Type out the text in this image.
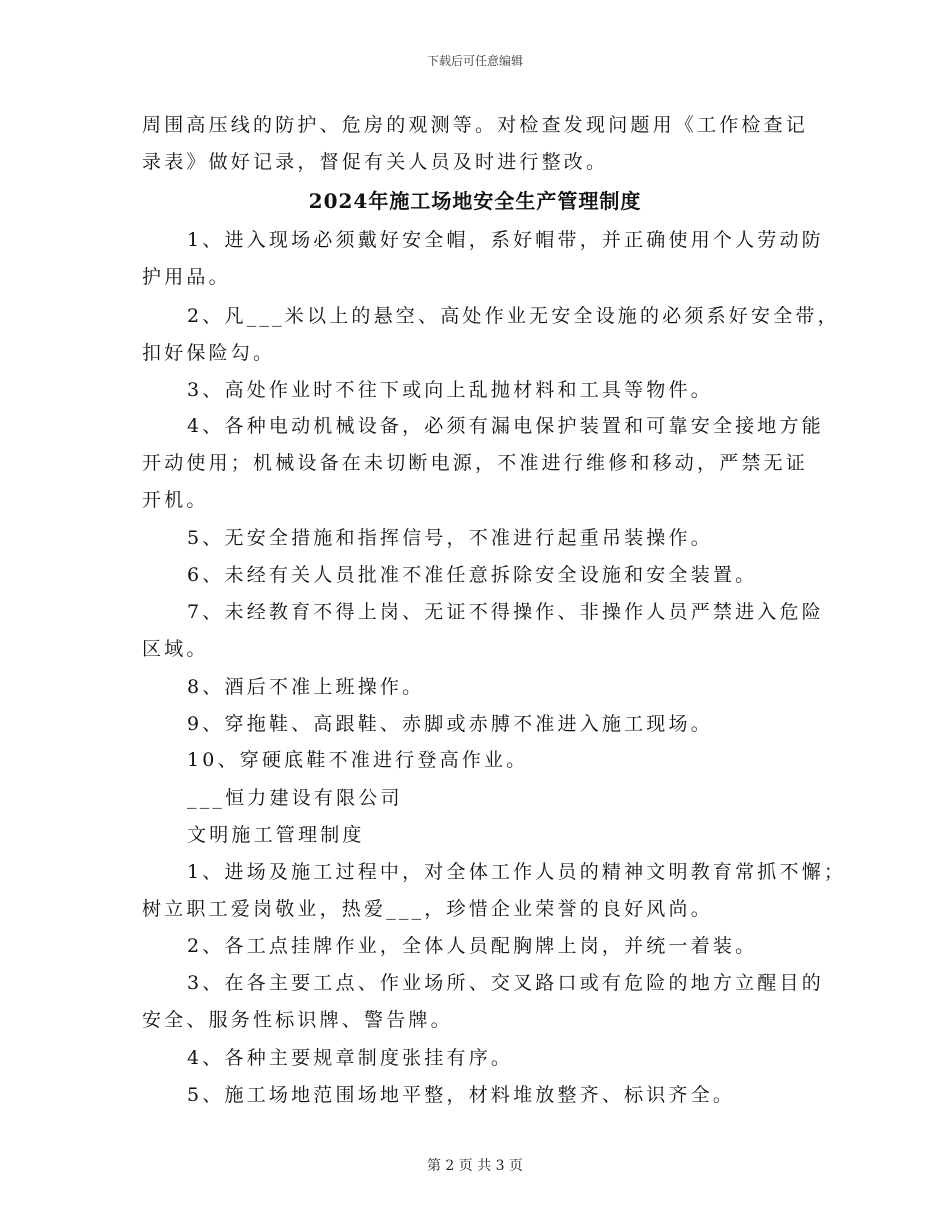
下载后可任意编辑
周围高压线的防护、危房的观测等。对检查发现问题用《工作检查记
录表》做好记录，督促有关人员及时进行整改。
2024年施工场地安全生产管理制度
1、进入现场必须戴好安全帽，系好帽带，并正确使用个人劳动防
护用品。
2、凡___米以上的悬空、高处作业无安全设施的必须系好安全带，
扣好保险勾。
3、高处作业时不往下或向上乱抛材料和工具等物件。
4、各种电动机械设备，必须有漏电保护装置和可靠安全接地方能
开动使用；机械设备在未切断电源，不准进行维修和移动，严禁无证
开机。
5、无安全措施和指挥信号，不准进行起重吊装操作。
6、未经有关人员批准不准任意拆除安全设施和安全装置。
7、未经教育不得上岗、无证不得操作、非操作人员严禁进入危险
区域。
8、酒后不准上班操作。
9、穿拖鞋、高跟鞋、赤脚或赤膊不准进入施工现场。
10、穿硬底鞋不准进行登高作业。
___恒力建设有限公司
文明施工管理制度
1、进场及施工过程中，对全体工作人员的精神文明教育常抓不懈；
树立职工爱岗敬业，热爱___，珍惜企业荣誉的良好风尚。
2、各工点挂牌作业，全体人员配胸牌上岗，并统一着装。
3、在各主要工点、作业场所、交叉路口或有危险的地方立醒目的
安全、服务性标识牌、警告牌。
4、各种主要规章制度张挂有序。
5、施工场地范围场地平整，材料堆放整齐、标识齐全。
第 2 页 共 3 页
